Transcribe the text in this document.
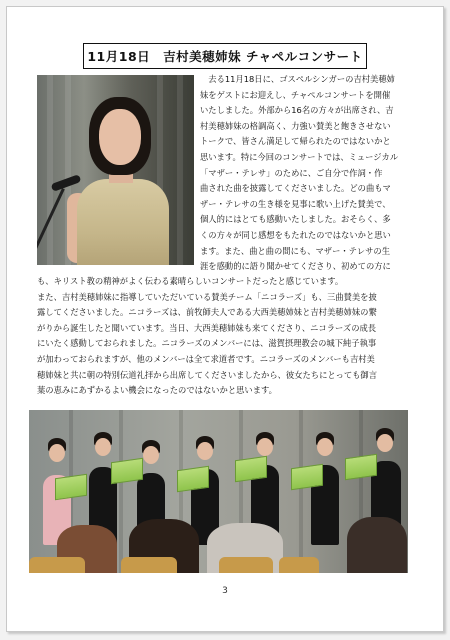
11月18日　吉村美穂姉妹 チャペルコンサート
　去る11月18日に、ゴスペルシンガーの吉村美穂姉
妹をゲストにお迎えし、チャペルコンサートを開催
いたしました。外部から16名の方々が出席され、吉
村美穂姉妹の格調高く、力強い賛美と飽きさせない
トークで、皆さん満足して帰られたのではないかと
思います。特に今回のコンサートでは、ミュージカル
「マザー・テレサ」のために、ご自分で作詞・作
曲された曲を披露してくださいました。どの曲もマ
ザー・テレサの生き様を見事に歌い上げた賛美で、
個人的にはとても感動いたしました。おそらく、多
くの方々が同じ感想をもたれたのではないかと思い
ます。また、曲と曲の間にも、マザー・テレサの生
涯を感動的に語り聞かせてくださり、初めての方に
も、キリスト教の精神がよく伝わる素晴らしいコンサートだったと感じています。
また、吉村美穂姉妹に指導していただいている賛美チーム「ニコラーズ」も、三曲賛美を披
露してくださいました。ニコラーズは、前牧師夫人である大西美穂姉妹と吉村美穂姉妹の繋
がりから誕生したと聞いています。当日、大西美穂姉妹も来てくださり、ニコラーズの成長
にいたく感動しておられました。ニコラーズのメンバーには、滋賀摂理教会の城下純子執事
が加わっておられますが、他のメンバーは全て求道者です。ニコラーズのメンバーも吉村美
穂姉妹と共に朝の特別伝道礼拝から出席してくださいましたから、彼女たちにとっても御言
葉の恵みにあずかるよい機会になったのではないかと思います。
3
